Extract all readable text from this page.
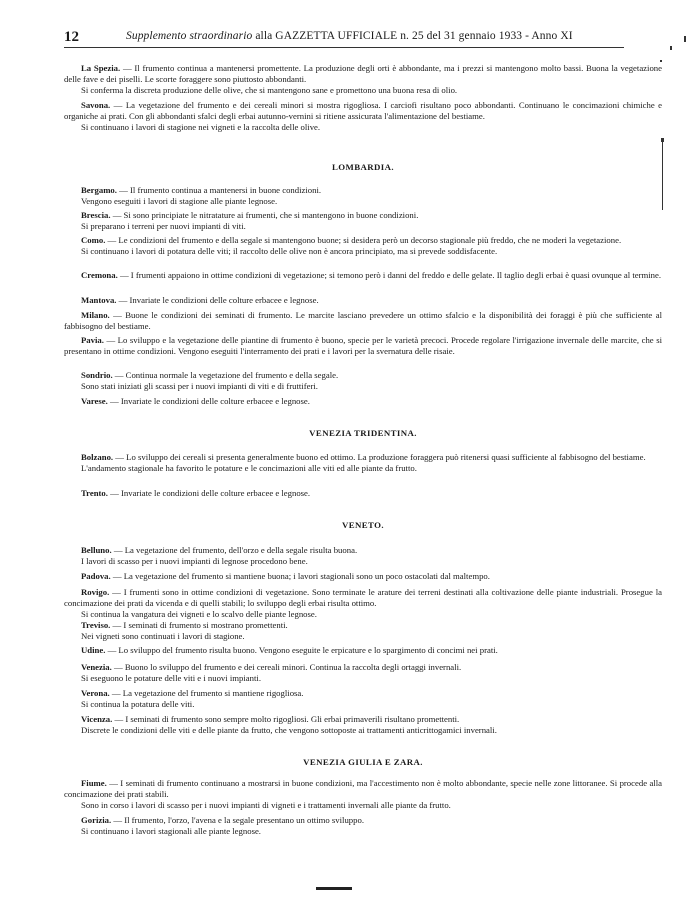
12	Supplemento straordinario alla GAZZETTA UFFICIALE n. 25 del 31 gennaio 1933 - Anno XI

La Spezia. — Il frumento continua a mantenersi promettente. La produzione degli orti è abbondante, ma i prezzi si mantengono molto bassi. Buona la vegetazione delle fave e dei piselli. Le scorte foraggere sono piuttosto abbondanti.

Si conferma la discreta produzione delle olive, che si mantengono sane e promettono una buona resa di olio.

Savona. — La vegetazione del frumento e dei cereali minori si mostra rigogliosa. I carciofi risultano poco abbondanti. Continuano le concimazioni chimiche e organiche ai prati. Con gli abbondanti sfalci degli erbai autunno-vernini si ritiene assicurata l'alimentazione del bestiame.

Si continuano i lavori di stagione nei vigneti e la raccolta delle olive.

LOMBARDIA.

Bergamo. — Il frumento continua a mantenersi in buone condizioni.

Vengono eseguiti i lavori di stagione alle piante legnose.

Brescia. — Si sono principiate le nitratature ai frumenti, che si mantengono in buone condizioni.

Si preparano i terreni per nuovi impianti di viti.

Como. — Le condizioni del frumento e della segale si mantengono buone; si desidera però un decorso stagionale più freddo, che ne moderi la vegetazione.

Si continuano i lavori di potatura delle viti; il raccolto delle olive non è ancora principiato, ma si prevede soddisfacente.

Cremona. — I frumenti appaiono in ottime condizioni di vegetazione; si temono però i danni del freddo e delle gelate. Il taglio degli erbai è quasi ovunque al termine.

Mantova. — Invariate le condizioni delle colture erbacee e legnose.

Milano. — Buone le condizioni dei seminati di frumento. Le marcite lasciano prevedere un ottimo sfalcio e la disponibilità dei foraggi è più che sufficiente al fabbisogno del bestiame.

Pavia. — Lo sviluppo e la vegetazione delle piantine di frumento è buono, specie per le varietà precoci. Procede regolare l'irrigazione invernale delle marcite, che si presentano in ottime condizioni. Vengono eseguiti l'interramento dei prati e i lavori per la svernatura delle risaie.

Sondrio. — Continua normale la vegetazione del frumento e della segale.

Sono stati iniziati gli scassi per i nuovi impianti di viti e di fruttiferi.

Varese. — Invariate le condizioni delle colture erbacee e legnose.

VENEZIA TRIDENTINA.

Bolzano. — Lo sviluppo dei cereali si presenta generalmente buono ed ottimo. La produzione foraggera può ritenersi quasi sufficiente al fabbisogno del bestiame.

L'andamento stagionale ha favorito le potature e le concimazioni alle viti ed alle piante da frutto.

Trento. — Invariate le condizioni delle colture erbacee e legnose.

VENETO.

Belluno. — La vegetazione del frumento, dell'orzo e della segale risulta buona.

I lavori di scasso per i nuovi impianti di legnose procedono bene.

Padova. — La vegetazione del frumento si mantiene buona; i lavori stagionali sono un poco ostacolati dal maltempo.

Rovigo. — I frumenti sono in ottime condizioni di vegetazione. Sono terminate le arature dei terreni destinati alla coltivazione delle piante industriali. Prosegue la concimazione dei prati da vicenda e di quelli stabili; lo sviluppo degli erbai risulta ottimo.

Si continua la vangatura dei vigneti e lo scalvo delle piante legnose.

Treviso. — I seminati di frumento si mostrano promettenti.

Nei vigneti sono continuati i lavori di stagione.

Udine. — Lo sviluppo del frumento risulta buono. Vengono eseguite le erpicature e lo spargimento di concimi nei prati.

Venezia. — Buono lo sviluppo del frumento e dei cereali minori. Continua la raccolta degli ortaggi invernali.

Si eseguono le potature delle viti e i nuovi impianti.

Verona. — La vegetazione del frumento si mantiene rigogliosa.

Si continua la potatura delle viti.

Vicenza. — I seminati di frumento sono sempre molto rigogliosi. Gli erbai primaverili risultano promettenti.

Discrete le condizioni delle viti e delle piante da frutto, che vengono sottoposte ai trattamenti anticrittogamici invernali.

VENEZIA GIULIA E ZARA.

Fiume. — I seminati di frumento continuano a mostrarsi in buone condizioni, ma l'accestimento non è molto abbondante, specie nelle zone littoranee. Si procede alla concimazione dei prati stabili.

Sono in corso i lavori di scasso per i nuovi impianti di vigneti e i trattamenti invernali alle piante da frutto.

Gorizia. — Il frumento, l'orzo, l'avena e la segale presentano un ottimo sviluppo.

Si continuano i lavori stagionali alle piante legnose.
